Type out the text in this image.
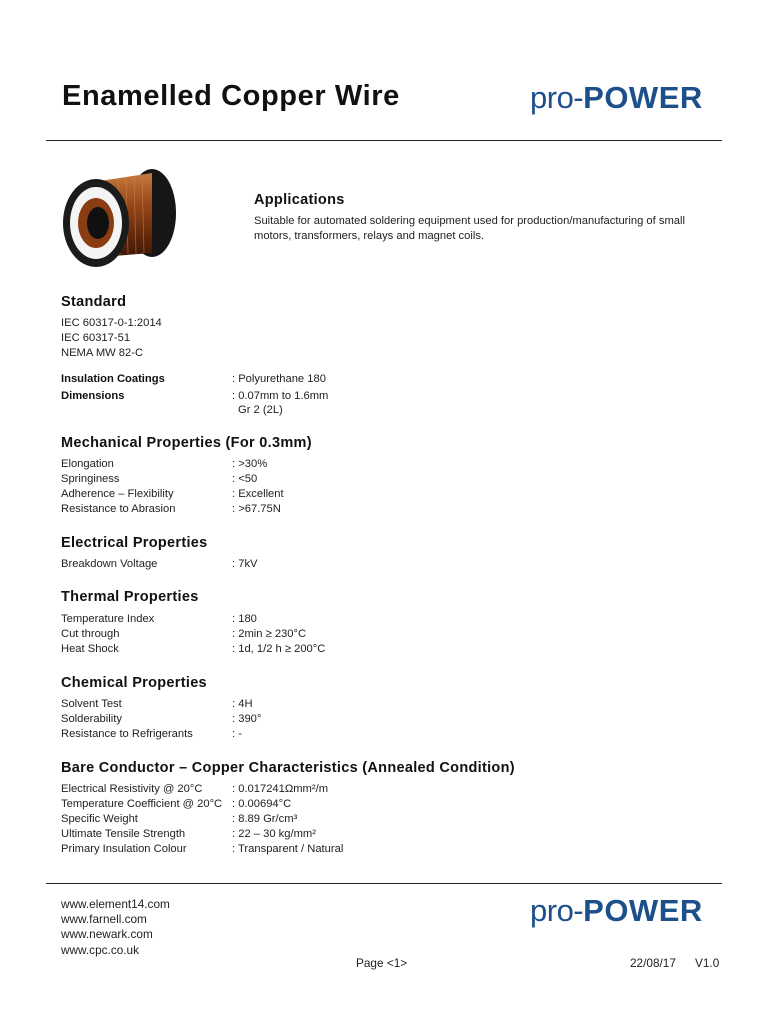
Enamelled Copper Wire	pro-POWER
Applications
Suitable for automated soldering equipment used for production/manufacturing of small
motors, transformers, relays and magnet coils.
Standard
IEC 60317-0-1:2014
IEC 60317-51
NEMA MW 82-C
Insulation Coatings	: Polyurethane 180
Dimensions	: 0.07mm to 1.6mm
Gr 2 (2L)
Mechanical Properties (For 0.3mm)
Elongation	: >30%
Springiness	: <50
Adherence – Flexibility	: Excellent
Resistance to Abrasion	: >67.75N
Electrical Properties
Breakdown Voltage	: 7kV
Thermal Properties
Temperature Index	: 180
Cut through	: 2min ≥ 230°C
Heat Shock	: 1d, 1/2 h ≥ 200°C
Chemical Properties
Solvent Test	: 4H
Solderability	: 390°
Resistance to Refrigerants	: -
Bare Conductor – Copper Characteristics (Annealed Condition)
Electrical Resistivity @ 20°C	: 0.017241Ωmm²/m
Temperature Coefficient @ 20°C : 0.00694°C
Specific Weight	: 8.89 Gr/cm³
Ultimate Tensile Strength	: 22 – 30 kg/mm²
Primary Insulation Colour	: Transparent / Natural
www.element14.com
www.farnell.com
www.newark.com
www.cpc.co.uk
pro-POWER
Page <1>	22/08/17 V1.0
